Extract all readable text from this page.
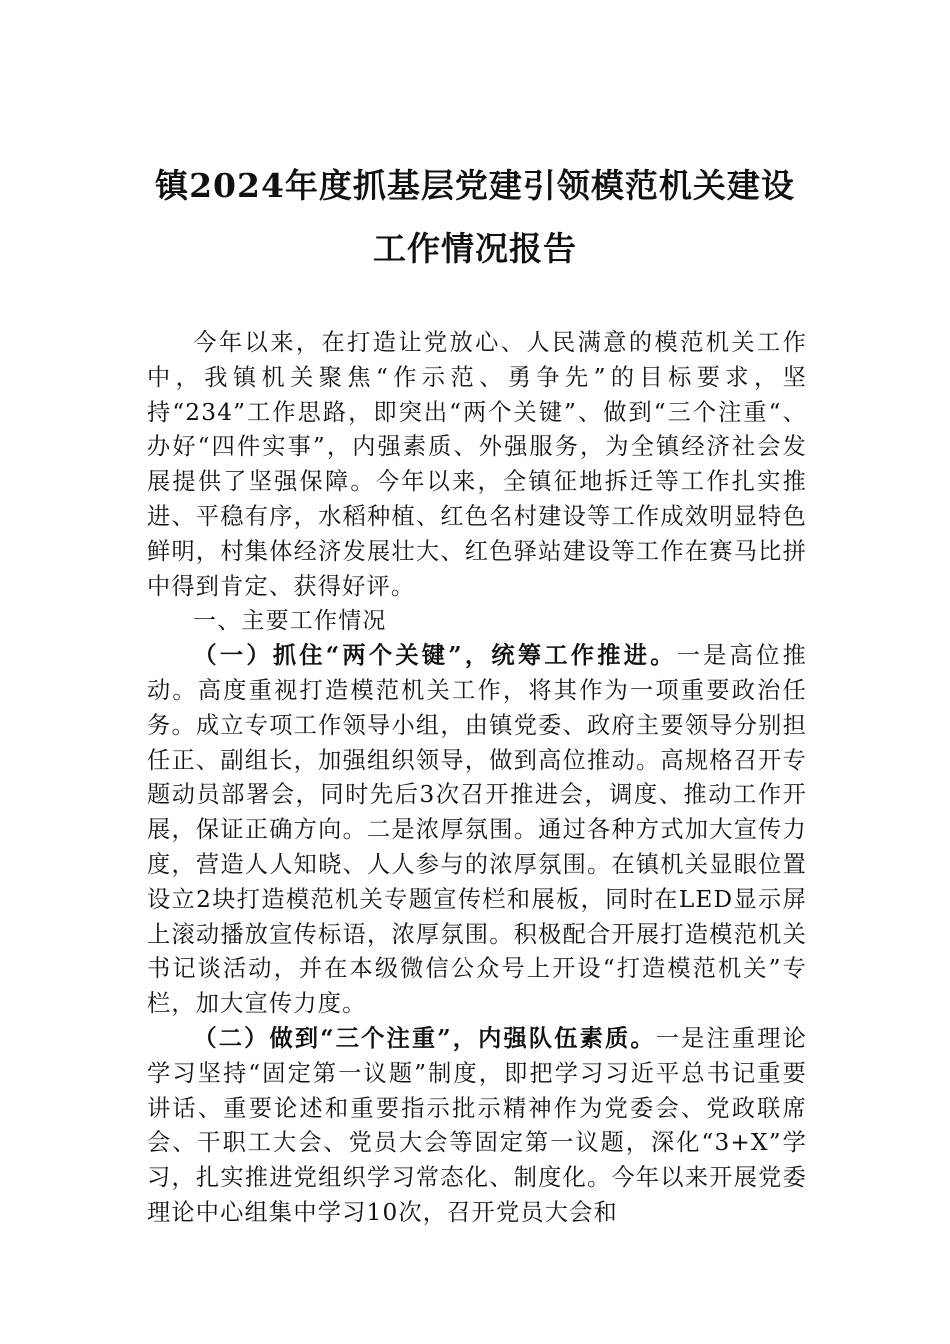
镇2024年度抓基层党建引领模范机关建设
工作情况报告

今年以来，在打造让党放心、人民满意的模范机关工作中，我镇机关聚焦“作示范、勇争先”的目标要求，坚持“234”工作思路，即突出“两个关键”、做到“三个注重“、办好“四件实事”，内强素质、外强服务，为全镇经济社会发展提供了坚强保障。今年以来，全镇征地拆迁等工作扎实推进、平稳有序，水稻种植、红色名村建设等工作成效明显特色鲜明，村集体经济发展壮大、红色驿站建设等工作在赛马比拼中得到肯定、获得好评。

一、主要工作情况

（一）抓住“两个关键”，统筹工作推进。一是高位推动。高度重视打造模范机关工作，将其作为一项重要政治任务。成立专项工作领导小组，由镇党委、政府主要领导分别担任正、副组长，加强组织领导，做到高位推动。高规格召开专题动员部署会，同时先后3次召开推进会，调度、推动工作开展，保证正确方向。二是浓厚氛围。通过各种方式加大宣传力度，营造人人知晓、人人参与的浓厚氛围。在镇机关显眼位置设立2块打造模范机关专题宣传栏和展板，同时在LED显示屏上滚动播放宣传标语，浓厚氛围。积极配合开展打造模范机关书记谈活动，并在本级微信公众号上开设“打造模范机关”专栏，加大宣传力度。

（二）做到“三个注重”，内强队伍素质。一是注重理论学习坚持“固定第一议题”制度，即把学习习近平总书记重要讲话、重要论述和重要指示批示精神作为党委会、党政联席会、干职工大会、党员大会等固定第一议题，深化“3+X”学习，扎实推进党组织学习常态化、制度化。今年以来开展党委理论中心组集中学习10次，召开党员大会和
